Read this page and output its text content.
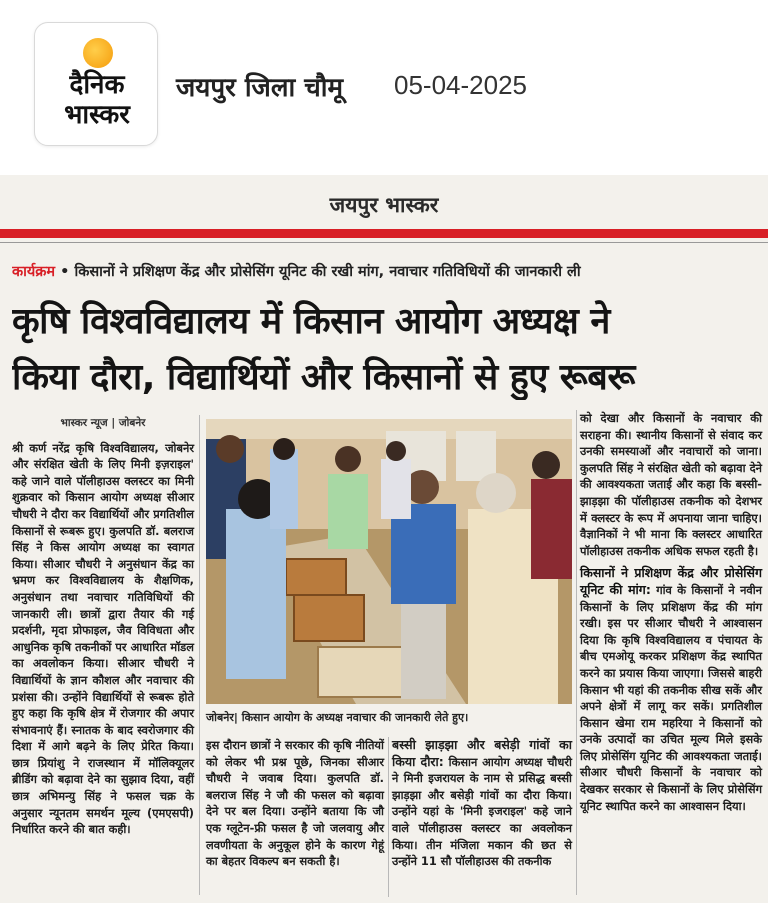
दैनिक
भास्कर
जयपुर जिला चौमू 05-04-2025
जयपुर भास्कर
कार्यक्रम • किसानों ने प्रशिक्षण केंद्र और प्रोसेसिंग यूनिट की रखी मांग, नवाचार गतिविधियों की जानकारी ली
कृषि विश्वविद्यालय में किसान आयोग अध्यक्ष ने
किया दौरा, विद्यार्थियों और किसानों से हुए रूबरू
भास्कर न्यूज | जोबनेर
श्री कर्ण नरेंद्र कृषि विश्वविद्यालय, जोबनेर और संरक्षित खेती के लिए मिनी इज़राइल' कहे जाने वाले पॉलीहाउस क्लस्टर का मिनी शुक्रवार को किसान आयोग अध्यक्ष सीआर चौधरी ने दौरा कर विद्यार्थियों और प्रगतिशील किसानों से रूबरू हुए। कुलपति डॉ. बलराज सिंह ने किस आयोग अध्यक्ष का स्वागत किया। सीआर चौधरी ने अनुसंधान केंद्र का भ्रमण कर विश्वविद्यालय के शैक्षणिक, अनुसंधान तथा नवाचार गतिविधियों की जानकारी ली। छात्रों द्वारा तैयार की गई प्रदर्शनी, मृदा प्रोफाइल, जैव विविधता और आधुनिक कृषि तकनीकों पर आधारित मॉडल का अवलोकन किया। सीआर चौधरी ने विद्यार्थियों के ज्ञान कौशल और नवाचार की प्रशंसा की। उन्होंने विद्यार्थियों से रूबरू होते हुए कहा कि कृषि क्षेत्र में रोजगार की अपार संभावनाएं हैं। स्नातक के बाद स्वरोजगार की दिशा में आगे बढ़ने के लिए प्रेरित किया। छात्र प्रियांशु ने राजस्थान में मॉलिक्यूलर ब्रीडिंग को बढ़ावा देने का सुझाव दिया, वहीं छात्र अभिमन्यु सिंह ने फसल चक्र के अनुसार न्यूनतम समर्थन मूल्य (एमएसपी) निर्धारित करने की बात कही।
जोबनेर| किसान आयोग के अध्यक्ष नवाचार की जानकारी लेते हुए।
इस दौरान छात्रों ने सरकार की कृषि नीतियों को लेकर भी प्रश्न पूछे, जिनका सीआर चौधरी ने जवाब दिया। कुलपति डॉ. बलराज सिंह ने जौ की फसल को बढ़ावा देने पर बल दिया। उन्होंने बताया कि जौ एक ग्लूटेन-फ्री फसल है जो जलवायु और लवणीयता के अनुकूल होने के कारण गेहूं का बेहतर विकल्प बन सकती है।
बस्सी झाड़झा और बसेड़ी गांवों का किया दौरा: किसान आयोग अध्यक्ष चौधरी ने मिनी इजरायल के नाम से प्रसिद्ध बस्सी झाड़झा और बसेड़ी गांवों का दौरा किया। उन्होंने यहां के 'मिनी इजराइल' कहे जाने वाले पॉलीहाउस क्लस्टर का अवलोकन किया। तीन मंजिला मकान की छत से उन्होंने 11 सौ पॉलीहाउस की तकनीक
को देखा और किसानों के नवाचार की सराहना की। स्थानीय किसानों से संवाद कर उनकी समस्याओं और नवाचारों को जाना। कुलपति सिंह ने संरक्षित खेती को बढ़ावा देने की आवश्यकता जताई और कहा कि बस्सी-झाड़झा की पॉलीहाउस तकनीक को देशभर में क्लस्टर के रूप में अपनाया जाना चाहिए। वैज्ञानिकों ने भी माना कि क्लस्टर आधारित पॉलीहाउस तकनीक अधिक सफल रहती है।
किसानों ने प्रशिक्षण केंद्र और प्रोसेसिंग यूनिट की मांग: गांव के किसानों ने नवीन किसानों के लिए प्रशिक्षण केंद्र की मांग रखी। इस पर सीआर चौधरी ने आश्वासन दिया कि कृषि विश्वविद्यालय व पंचायत के बीच एमओयू करकर प्रशिक्षण केंद्र स्थापित करने का प्रयास किया जाएगा। जिससे बाहरी किसान भी यहां की तकनीक सीख सकें और अपने क्षेत्रों में लागू कर सकें। प्रगतिशील किसान खेमा राम महरिया ने किसानों को उनके उत्पादों का उचित मूल्य मिले इसके लिए प्रोसेसिंग यूनिट की आवश्यकता जताई। सीआर चौधरी किसानों के नवाचार को देखकर सरकार से किसानों के लिए प्रोसेसिंग यूनिट स्थापित करने का आश्वासन दिया।
